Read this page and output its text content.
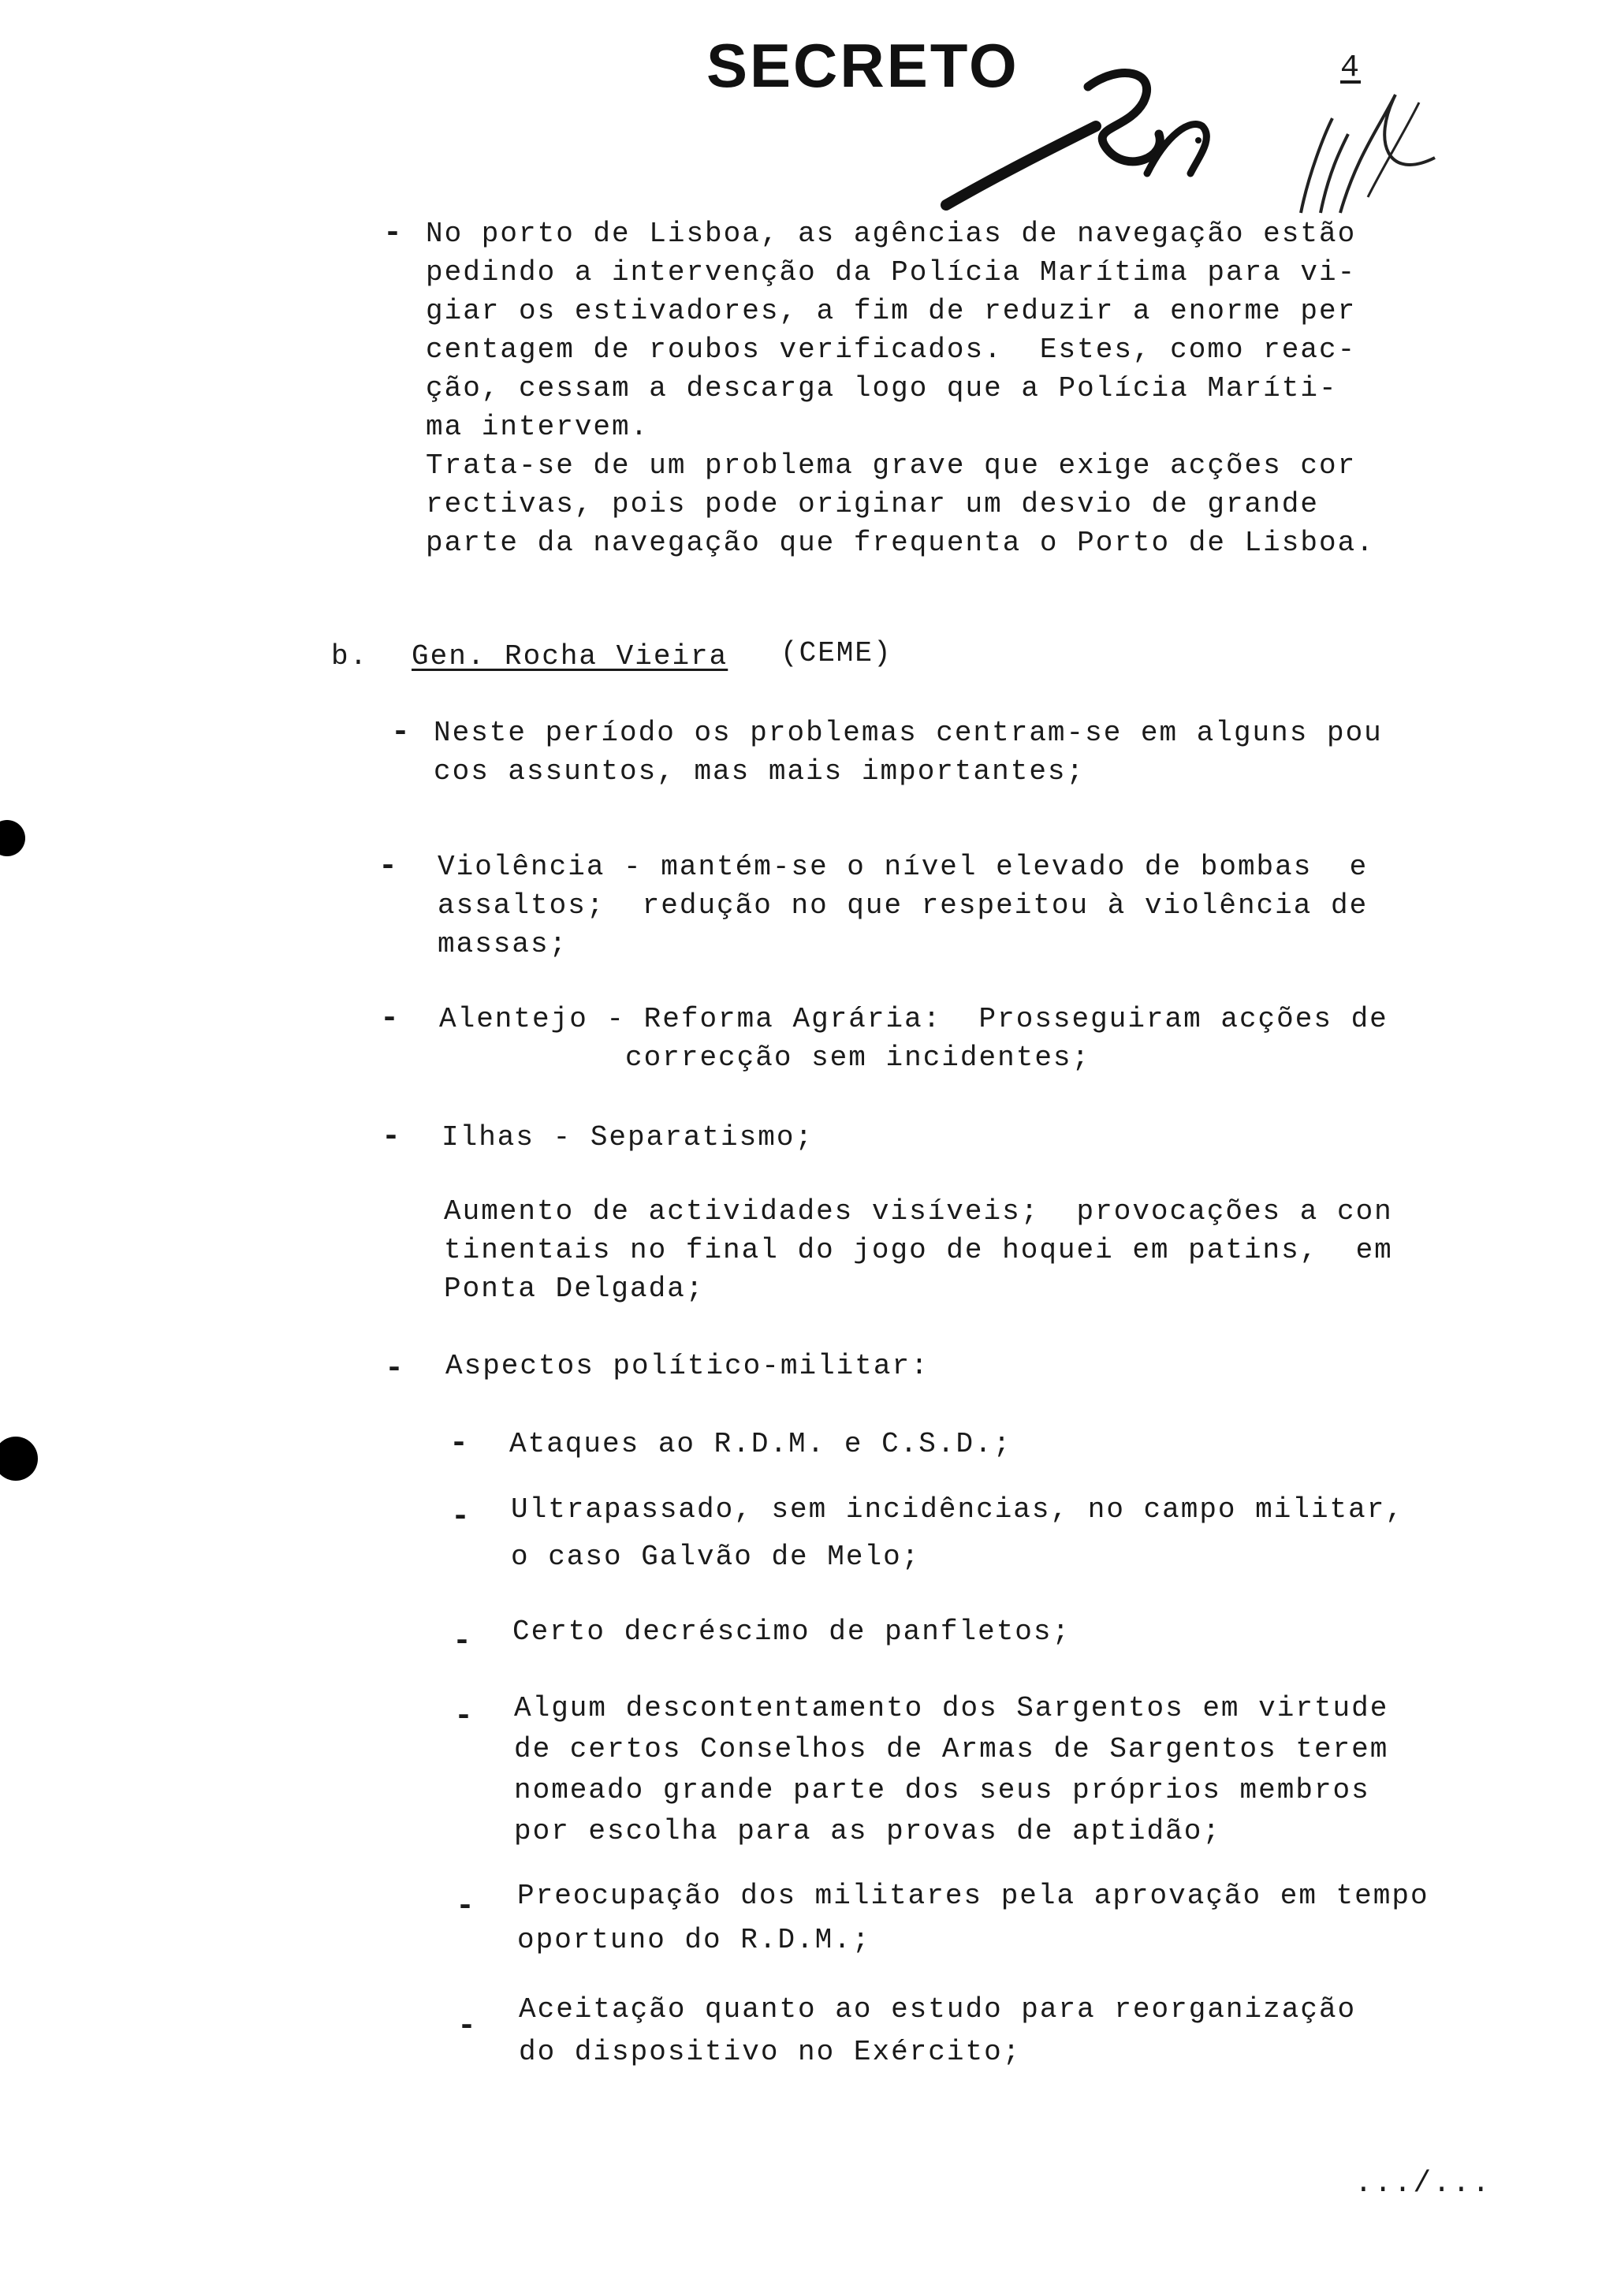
SECRETO	4
- No porto de Lisboa, as agências de navegação estão
pedindo a intervenção da Polícia Marítima para vi-
giar os estivadores, a fim de reduzir a enorme per
centagem de roubos verificados.  Estes, como reac-
ção, cessam a descarga logo que a Polícia Maríti-
ma intervem.
Trata-se de um problema grave que exige acções cor
rectivas, pois pode originar um desvio de grande
parte da navegação que frequenta o Porto de Lisboa.
b. Gen. Rocha Vieira (CEME)
- Neste período os problemas centram-se em alguns pou
cos assuntos, mas mais importantes;
- Violência - mantém-se o nível elevado de bombas  e
assaltos;  redução no que respeitou à violência de
massas;
- Alentejo - Reforma Agrária:  Prosseguiram acções de
correcção sem incidentes;
- Ilhas - Separatismo;
Aumento de actividades visíveis;  provocações a con
tinentais no final do jogo de hoquei em patins,  em
Ponta Delgada;
- Aspectos político-militar:
- Ataques ao R.D.M. e C.S.D.;
- Ultrapassado, sem incidências, no campo militar,
o caso Galvão de Melo;
- Certo decréscimo de panfletos;
- Algum descontentamento dos Sargentos em virtude
de certos Conselhos de Armas de Sargentos terem
nomeado grande parte dos seus próprios membros
por escolha para as provas de aptidão;
- Preocupação dos militares pela aprovação em tempo
oportuno do R.D.M.;
- Aceitação quanto ao estudo para reorganização
do dispositivo no Exército;
.../...
